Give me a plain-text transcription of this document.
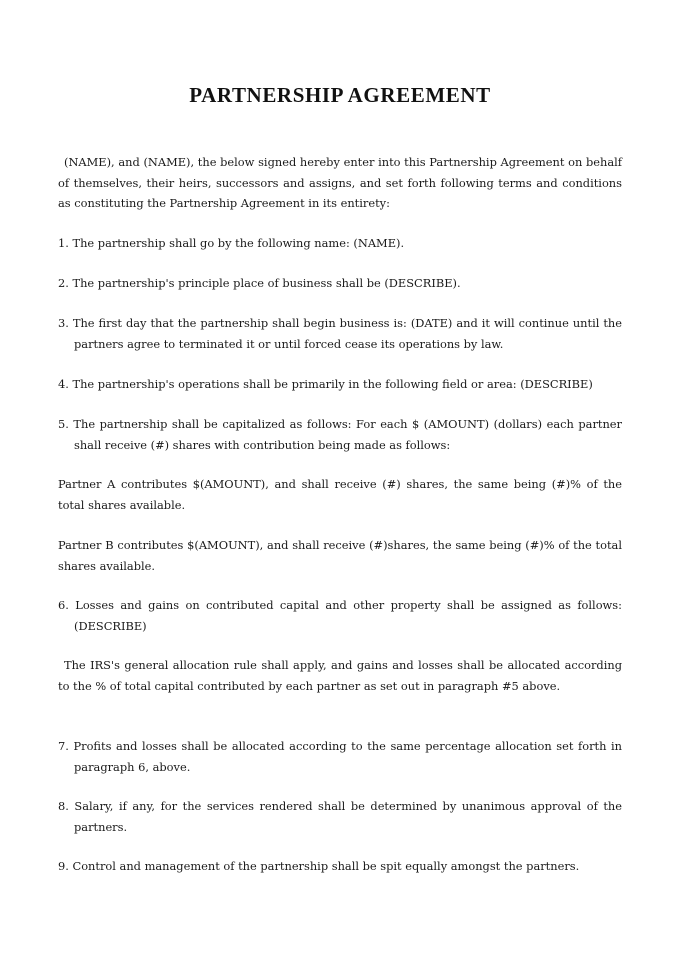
PARTNERSHIP AGREEMENT

(NAME), and (NAME), the below signed hereby enter into this Partnership Agreement on behalf of themselves, their heirs, successors and assigns, and set forth following terms and conditions as constituting the Partnership Agreement in its entirety:

1. The partnership shall go by the following name: (NAME).

2. The partnership's principle place of business shall be (DESCRIBE).

3. The first day that the partnership shall begin business is: (DATE) and it will continue until the partners agree to terminated it or until forced cease its operations by law.

4. The partnership's operations shall be primarily in the following field or area: (DESCRIBE)

5. The partnership shall be capitalized as follows: For each $ (AMOUNT) (dollars) each partner shall receive (#) shares with contribution being made as follows:

Partner A contributes $(AMOUNT), and shall receive (#) shares, the same being (#)% of the total shares available.

Partner B contributes $(AMOUNT), and shall receive (#)shares, the same being (#)% of the total shares available.

6. Losses and gains on contributed capital and other property shall be assigned as follows: (DESCRIBE)

The IRS's general allocation rule shall apply, and gains and losses shall be allocated according to the % of total capital contributed by each partner as set out in paragraph #5 above.

7. Profits and losses shall be allocated according to the same percentage allocation set forth in paragraph 6, above.

8. Salary, if any, for the services rendered shall be determined by unanimous approval of the partners.

9. Control and management of the partnership shall be spit equally amongst the partners.
